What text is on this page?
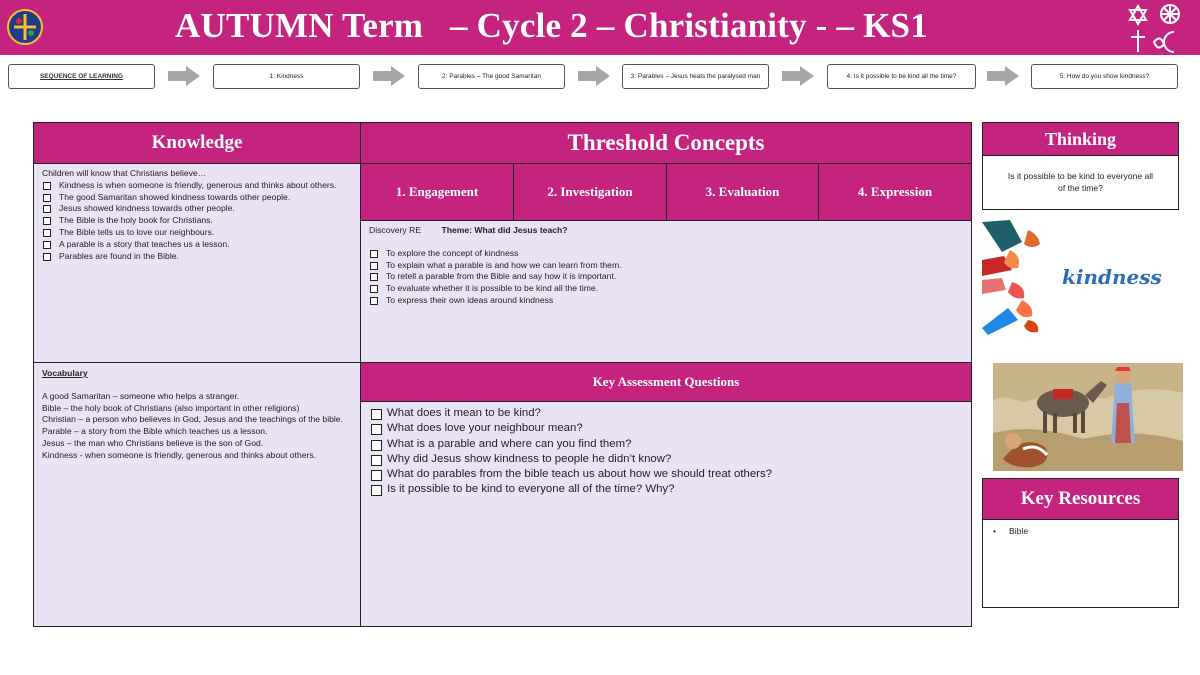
AUTUMN Term   – Cycle 2 – Christianity - – KS1
SEQUENCE OF LEARNING	1: Kindness	2: Parables – The good Samaritan	3: Parables – Jesus heals the paralysed man	4: Is it possible to be kind all the time?	5: How do you show kindness?
Knowledge
Children will know that Christians believe…
Kindness is when someone is friendly, generous and thinks about others.
The good Samaritan showed kindness towards other people.
Jesus showed kindness towards other people.
The Bible is the holy book for Christians.
The Bible tells us to love our neighbours.
A parable is a story that teaches us a lesson.
Parables are found in the Bible.
Vocabulary
A good Samaritan – someone who helps a stranger.
Bible – the holy book of Christians (also important in other religions)
Christian – a person who believes in God, Jesus and the teachings of the bible.
Parable – a story from the Bible which teaches us a lesson.
Jesus – the man who Christians believe is the son of God.
Kindness - when someone is friendly, generous and thinks about others.
Threshold Concepts
1. Engagement	2. Investigation	3. Evaluation	4. Expression
Discovery RE Theme: What did Jesus teach?
To explore the concept of kindness
To explain what a parable is and how we can learn from them.
To retell a parable from the Bible and say how it is important.
To evaluate whether it is possible to be kind all the time.
To express their own ideas around kindness
Key Assessment Questions
What does it mean to be kind?
What does love your neighbour mean?
What is a parable and where can you find them?
Why did Jesus show kindness to people he didn’t know?
What do parables from the bible teach us about how we should treat others?
Is it possible to be kind to everyone all of the time? Why?
Thinking
Is it possible to be kind to everyone all of the time?
kindness
Key Resources
• Bible
